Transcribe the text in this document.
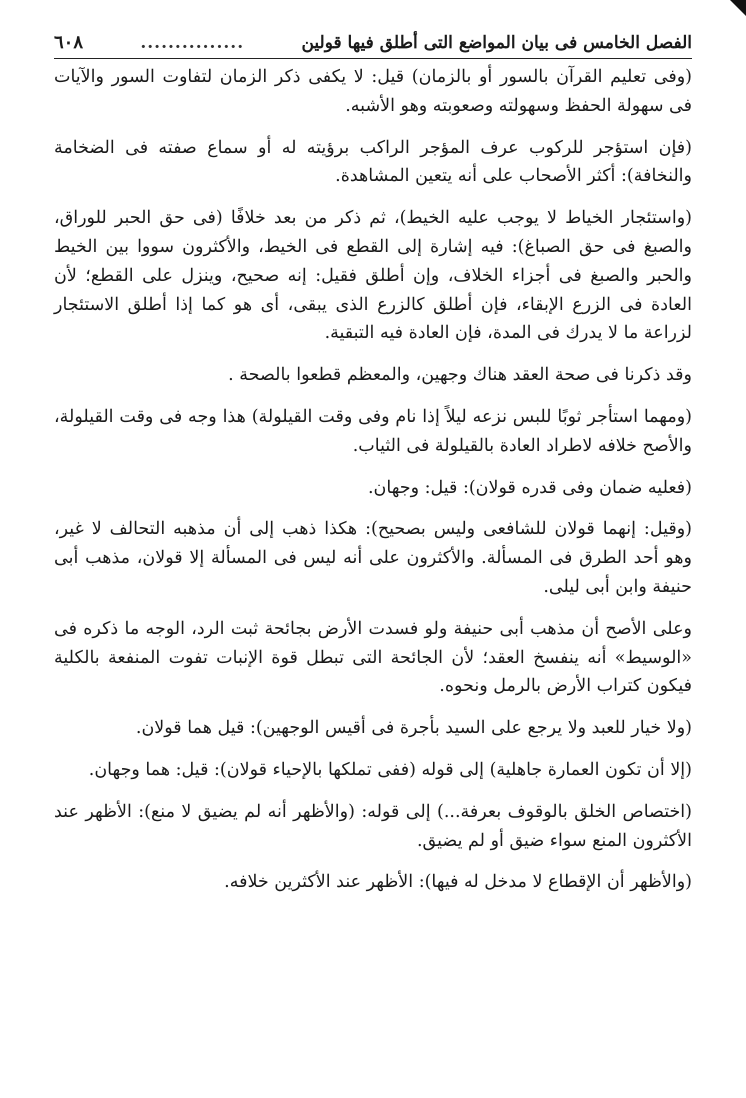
الفصل الخامس فى بيان المواضع التى أطلق فيها قولين
...............
٦٠٨

(وفى تعليم القرآن بالسور أو بالزمان) قيل: لا يكفى ذكر الزمان لتفاوت السور والآيات فى سهولة الحفظ وسهولته وصعوبته وهو الأشبه.

(فإن استؤجر للركوب عرف المؤجر الراكب برؤيته له أو سماع صفته فى الضخامة والنخافة): أكثر الأصحاب على أنه يتعين المشاهدة.

(واستئجار الخياط لا يوجب عليه الخيط)، ثم ذكر من بعد خلافًا (فى حق الحبر للوراق، والصبغ فى حق الصباغ): فيه إشارة إلى القطع فى الخيط، والأكثرون سووا بين الخيط والحبر والصبغ فى أجزاء الخلاف، وإن أطلق فقيل: إنه صحيح، وينزل على القطع؛ لأن العادة فى الزرع الإبقاء، فإن أطلق كالزرع الذى يبقى، أى هو كما إذا أطلق الاستئجار لزراعة ما لا يدرك فى المدة، فإن العادة فيه التبقية.

وقد ذكرنا فى صحة العقد هناك وجهين، والمعظم قطعوا بالصحة .

(ومهما استأجر ثوبًا للبس نزعه ليلاً إذا نام وفى وقت القيلولة) هذا وجه فى وقت القيلولة، والأصح خلافه لاطراد العادة بالقيلولة فى الثياب.

(فعليه ضمان وفى قدره قولان): قيل: وجهان.

(وقيل: إنهما قولان للشافعى وليس بصحيح): هكذا ذهب إلى أن مذهبه التحالف لا غير، وهو أحد الطرق فى المسألة. والأكثرون على أنه ليس فى المسألة إلا قولان، مذهب أبى حنيفة وابن أبى ليلى.

وعلى الأصح أن مذهب أبى حنيفة ولو فسدت الأرض بجائحة ثبت الرد، الوجه ما ذكره فى «الوسيط» أنه ينفسخ العقد؛ لأن الجائحة التى تبطل قوة الإنبات تفوت المنفعة بالكلية فيكون كتراب الأرض بالرمل ونحوه.

(ولا خيار للعبد ولا يرجع على السيد بأجرة فى أقيس الوجهين): قيل هما قولان.

(إلا أن تكون العمارة جاهلية) إلى قوله (ففى تملكها بالإحياء قولان): قيل: هما وجهان.

(اختصاص الخلق بالوقوف بعرفة...) إلى قوله: (والأظهر أنه لم يضيق لا منع): الأظهر عند الأكثرون المنع سواء ضيق أو لم يضيق.

(والأظهر أن الإقطاع لا مدخل له فيها): الأظهر عند الأكثرين خلافه.
